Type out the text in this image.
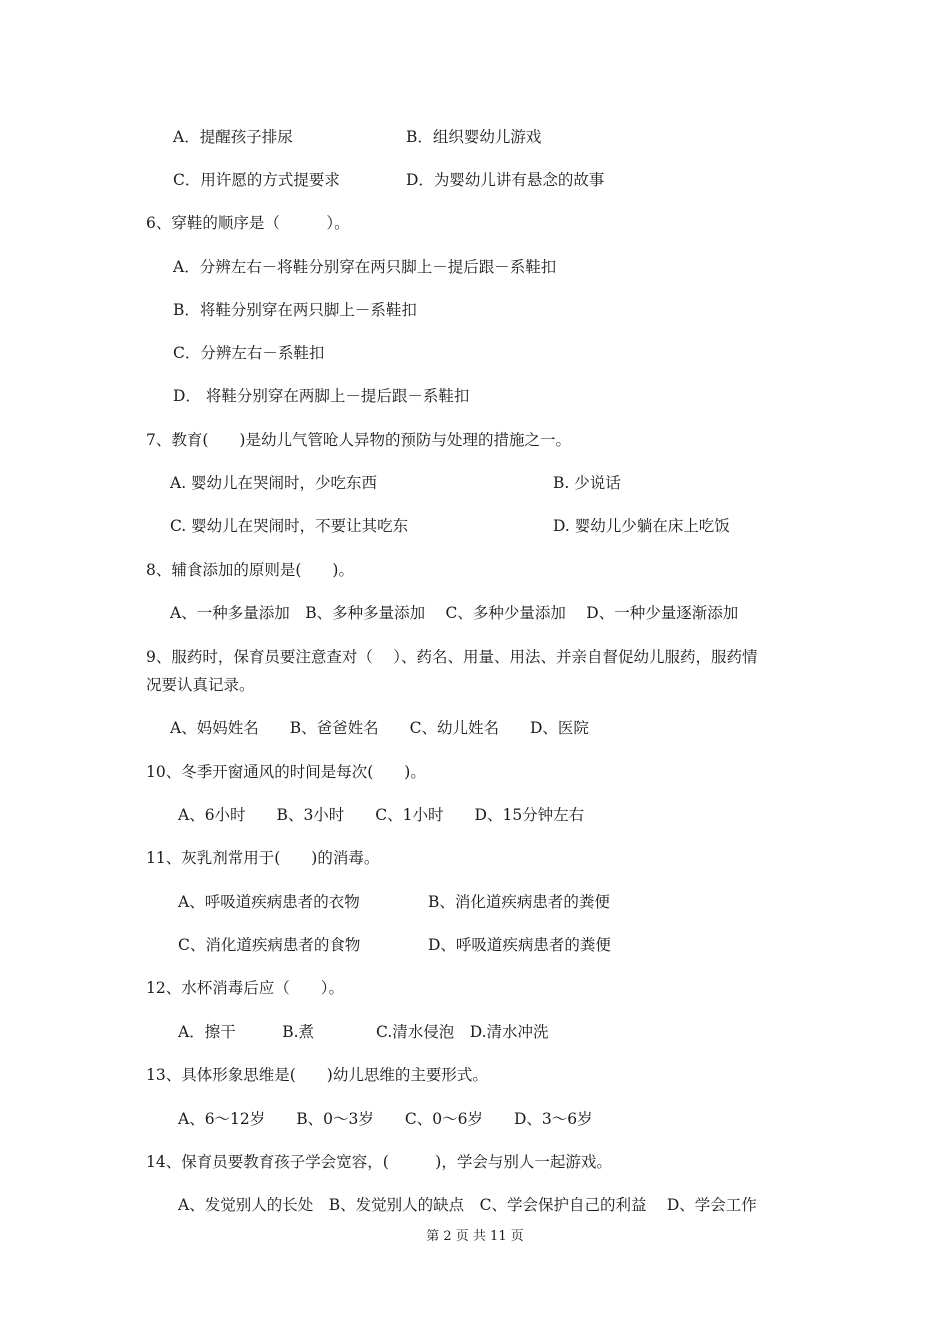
A．提醒孩子排尿	B．组织婴幼儿游戏
C．用许愿的方式提要求	D．为婴幼儿讲有悬念的故事
6、穿鞋的顺序是（　　　）。
A．分辨左右－将鞋分别穿在两只脚上－提后跟－系鞋扣
B．将鞋分别穿在两只脚上－系鞋扣
C．分辨左右－系鞋扣
D． 将鞋分别穿在两脚上－提后跟－系鞋扣
7、教育(　　)是幼儿气管呛人异物的预防与处理的措施之一。
A. 婴幼儿在哭闹时，少吃东西	B. 少说话
C. 婴幼儿在哭闹时，不要让其吃东	D. 婴幼儿少躺在床上吃饭
8、辅食添加的原则是(　　)。
A、一种多量添加　B、多种多量添加　 C、多种少量添加　 D、一种少量逐渐添加
9、服药时，保育员要注意查对（　 ）、药名、用量、用法、并亲自督促幼儿服药，服药情
况要认真记录。
A、妈妈姓名　　B、爸爸姓名　　C、幼儿姓名　　D、医院
10、冬季开窗通风的时间是每次(　　)。
A、6小时　　B、3小时　　C、1小时　　D、15分钟左右
11、灰乳剂常用于(　　)的消毒。
A、呼吸道疾病患者的衣物	B、消化道疾病患者的粪便
C、消化道疾病患者的食物	D、呼吸道疾病患者的粪便
12、水杯消毒后应（　　）。
A．擦干　　　B.煮　　　　C.清水侵泡　D.清水冲洗
13、具体形象思维是(　　)幼儿思维的主要形式。
A、6～12岁　　B、0～3岁　　C、0～6岁　　D、3～6岁
14、保育员要教育孩子学会宽容，(　　　)，学会与别人一起游戏。
A、发觉别人的长处　B、发觉别人的缺点　C、学会保护自己的利益　 D、学会工作
第 2 页 共 11 页
